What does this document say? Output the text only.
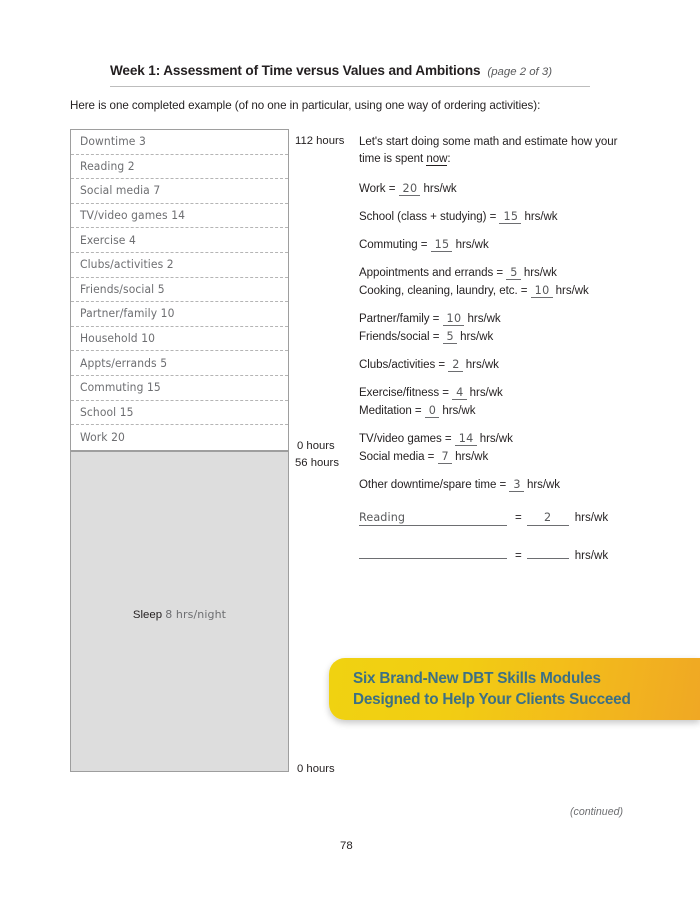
Week 1: Assessment of Time versus Values and Ambitions (page 2 of 3)
Here is one completed example (of no one in particular, using one way of ordering activities):
Downtime 3
Reading 2
Social media 7
TV/video games 14
Exercise 4
Clubs/activities 2
Friends/social 5
Partner/family 10
Household 10
Appts/errands 5
Commuting 15
School 15
Work 20
Sleep 8 hrs/night
112 hours
0 hours
56 hours
0 hours
Let's start doing some math and estimate how your time is spent now:
Work = 20 hrs/wk
School (class + studying) = 15 hrs/wk
Commuting = 15 hrs/wk
Appointments and errands = 5 hrs/wk
Cooking, cleaning, laundry, etc. = 10 hrs/wk
Partner/family = 10 hrs/wk
Friends/social = 5 hrs/wk
Clubs/activities = 2 hrs/wk
Exercise/fitness = 4 hrs/wk
Meditation = 0 hrs/wk
TV/video games = 14 hrs/wk
Social media = 7 hrs/wk
Other downtime/spare time = 3 hrs/wk
Reading	=	2	hrs/wk
=	hrs/wk
Six Brand-New DBT Skills Modules
Designed to Help Your Clients Succeed
(continued)
78
